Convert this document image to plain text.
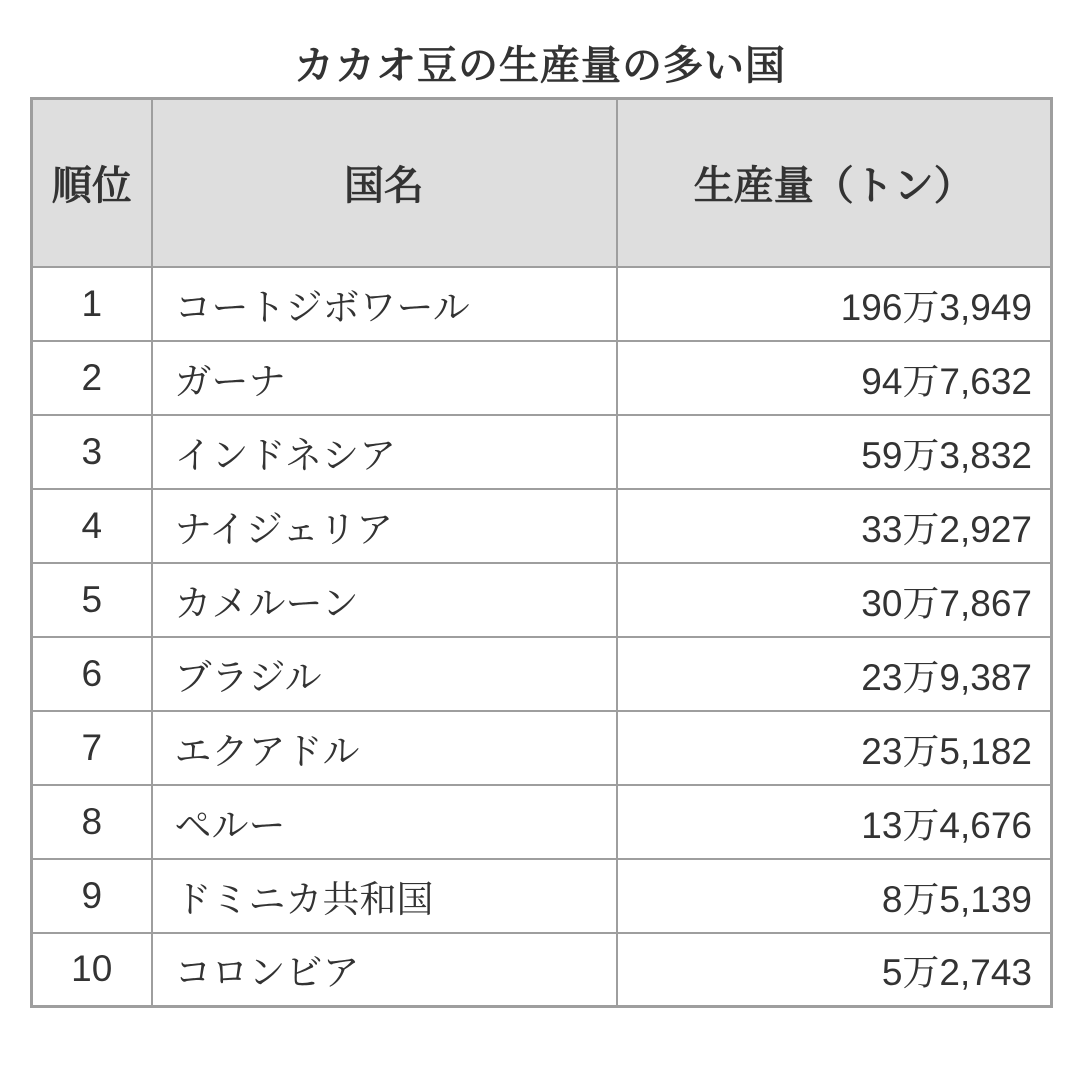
カカオ豆の生産量の多い国
順位	国名	生産量（トン）
1	コートジボワール	196万3,949
2	ガーナ	94万7,632
3	インドネシア	59万3,832
4	ナイジェリア	33万2,927
5	カメルーン	30万7,867
6	ブラジル	23万9,387
7	エクアドル	23万5,182
8	ペルー	13万4,676
9	ドミニカ共和国	8万5,139
10	コロンビア	5万2,743
